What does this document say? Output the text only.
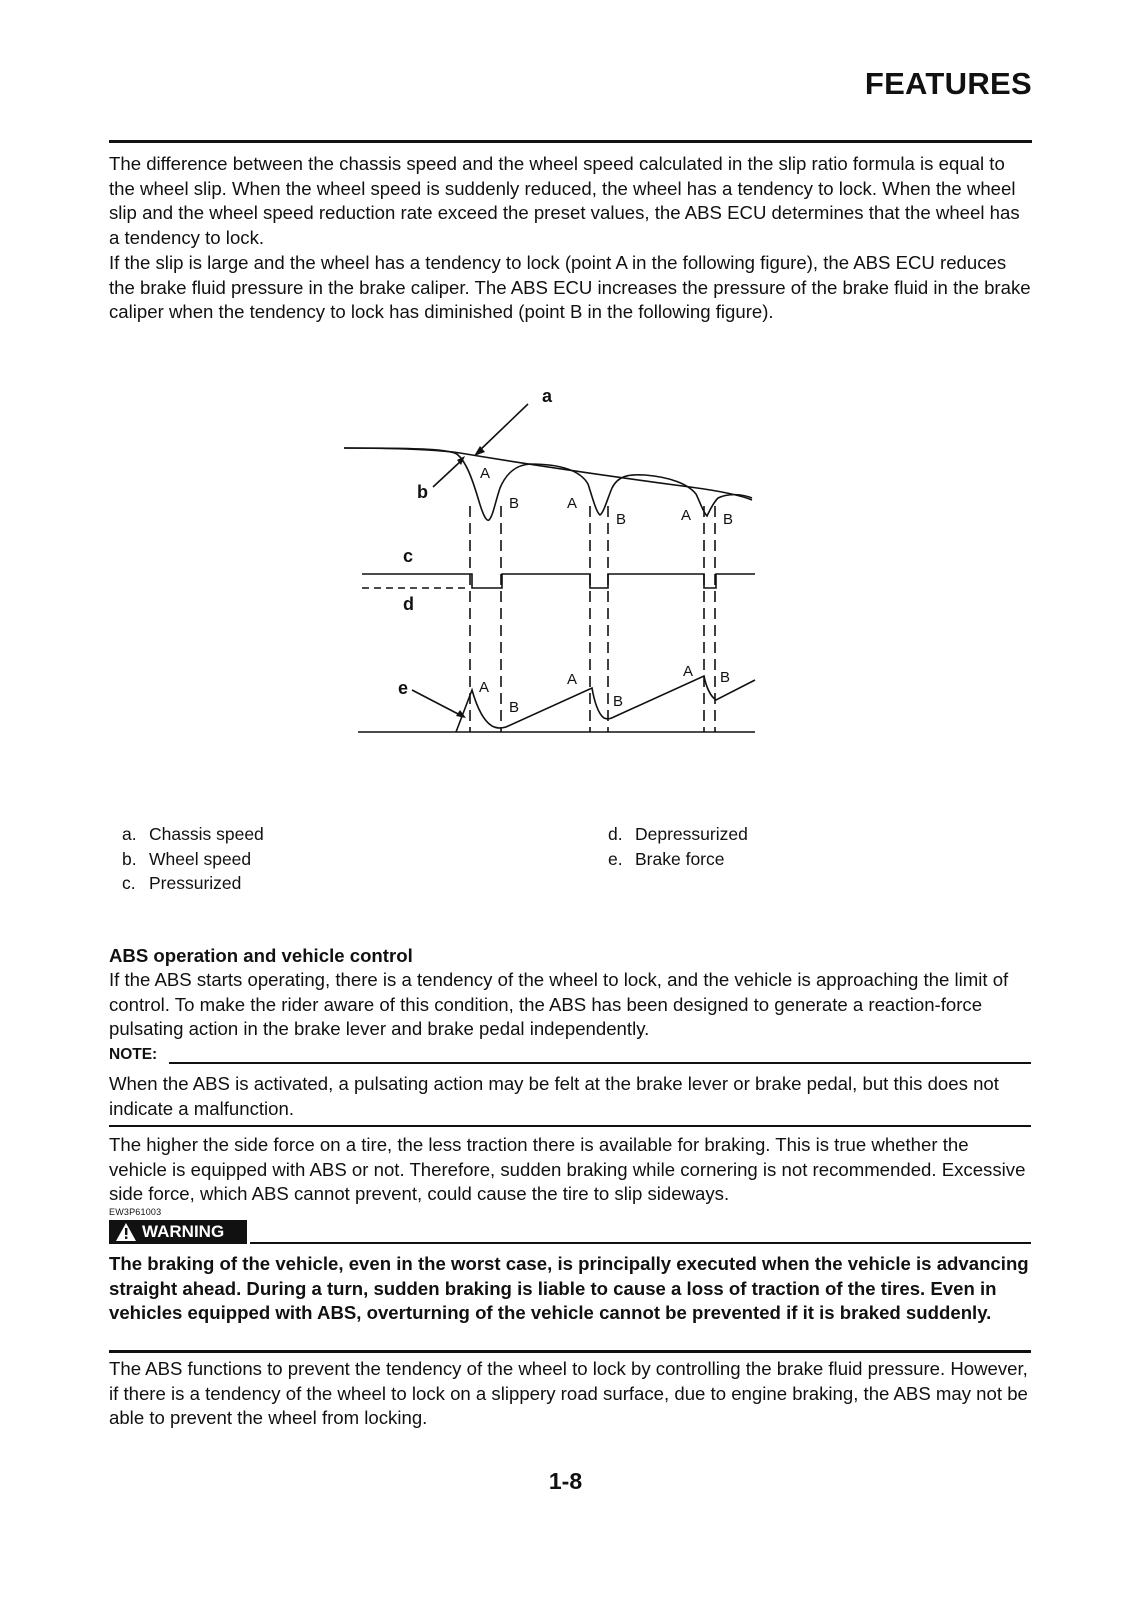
FEATURES

The difference between the chassis speed and the wheel speed calculated in the slip ratio formula is equal to the wheel slip. When the wheel speed is suddenly reduced, the wheel has a tendency to lock. When the wheel slip and the wheel speed reduction rate exceed the preset values, the ABS ECU determines that the wheel has a tendency to lock.

If the slip is large and the wheel has a tendency to lock (point A in the following figure), the ABS ECU reduces the brake fluid pressure in the brake caliper. The ABS ECU increases the pressure of the brake fluid in the brake caliper when the tendency to lock has diminished (point B in the following figure).

a
b
c
d
e
A
B	A
B	A B
A
B
A
B
A B
a. Chassis speed
b. Wheel speed
c. Pressurized
d. Depressurized
e. Brake force
ABS operation and vehicle control

If the ABS starts operating, there is a tendency of the wheel to lock, and the vehicle is approaching the limit of control. To make the rider aware of this condition, the ABS has been designed to generate a reaction-force pulsating action in the brake lever and brake pedal independently.

NOTE:

When the ABS is activated, a pulsating action may be felt at the brake lever or brake pedal, but this does not indicate a malfunction.

The higher the side force on a tire, the less traction there is available for braking. This is true whether the vehicle is equipped with ABS or not. Therefore, sudden braking while cornering is not recommended. Excessive side force, which ABS cannot prevent, could cause the tire to slip sideways.

EW3P61003
WARNING

The braking of the vehicle, even in the worst case, is principally executed when the vehicle is advancing straight ahead. During a turn, sudden braking is liable to cause a loss of traction of the tires. Even in vehicles equipped with ABS, overturning of the vehicle cannot be prevented if it is braked suddenly.

The ABS functions to prevent the tendency of the wheel to lock by controlling the brake fluid pressure. However, if there is a tendency of the wheel to lock on a slippery road surface, due to engine braking, the ABS may not be able to prevent the wheel from locking.

1-8
